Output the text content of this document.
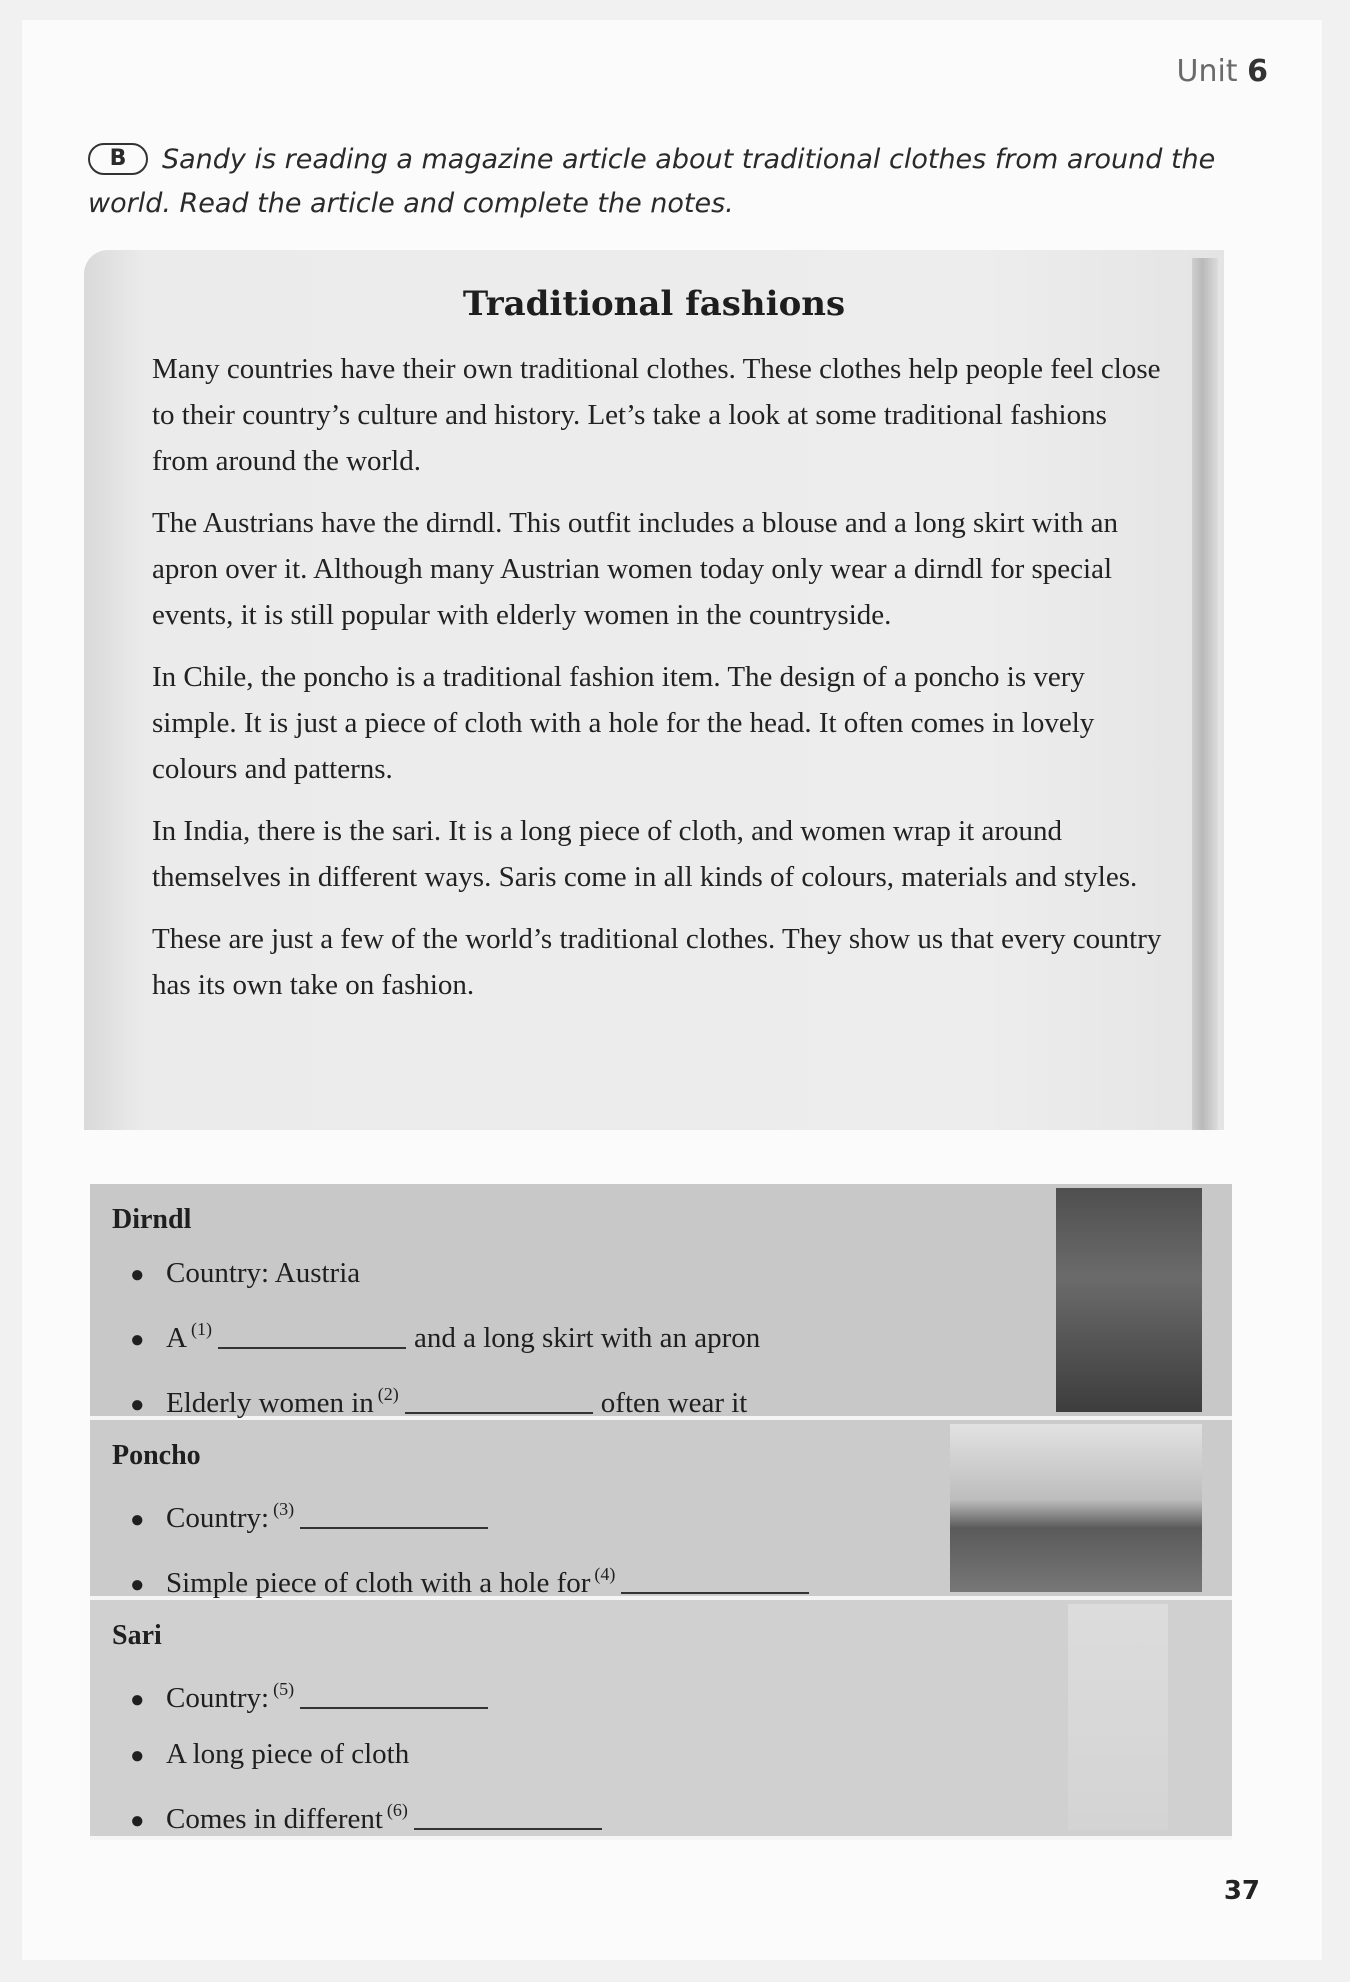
Unit 6
B Sandy is reading a magazine article about traditional clothes from around the world. Read the article and complete the notes.
Traditional fashions

Many countries have their own traditional clothes. These clothes help people feel close to their country’s culture and history. Let’s take a look at some traditional fashions from around the world.

The Austrians have the dirndl. This outfit includes a blouse and a long skirt with an apron over it. Although many Austrian women today only wear a dirndl for special events, it is still popular with elderly women in the countryside.

In Chile, the poncho is a traditional fashion item. The design of a poncho is very simple. It is just a piece of cloth with a hole for the head. It often comes in lovely colours and patterns.

In India, there is the sari. It is a long piece of cloth, and women wrap it around themselves in different ways. Saris come in all kinds of colours, materials and styles.

These are just a few of the world’s traditional clothes. They show us that every country has its own take on fashion.

Dirndl
● Country: Austria
● A $^{(1)}$	and a long skirt with an apron
● Elderly women in $^{(2)}$	often wear it
Poncho
● Country: $^{(3)}$
● Simple piece of cloth with a hole for $^{(4)}$
Sari
● Country: $^{(5)}$
● A long piece of cloth
● Comes in different $^{(6)}$
37
